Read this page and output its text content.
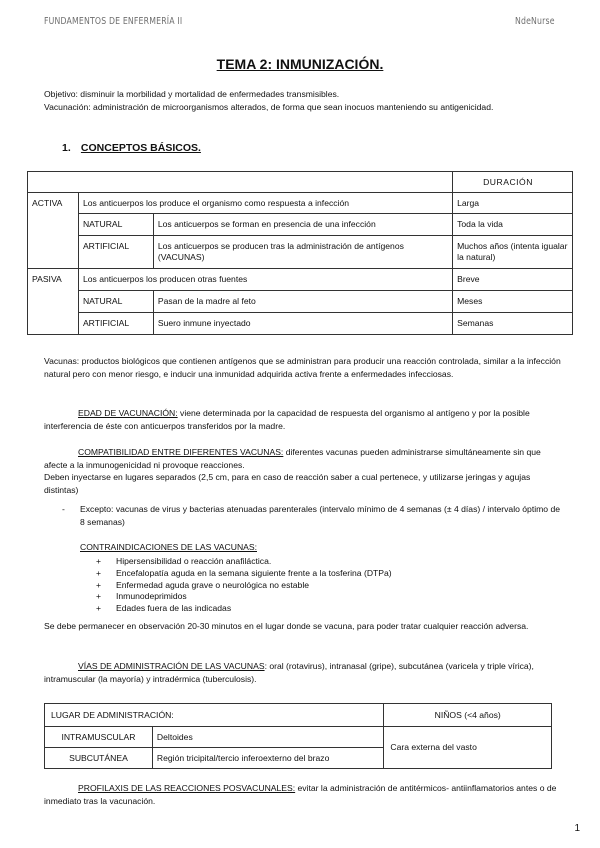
FUNDAMENTOS DE ENFERMERÍA II	NdeNurse
TEMA 2: INMUNIZACIÓN.
Objetivo: disminuir la morbilidad y mortalidad de enfermedades transmisibles.
Vacunación: administración de microorganismos alterados, de forma que sean inocuos manteniendo su antigenicidad.
1. CONCEPTOS BÁSICOS.
			DURACIÓN
ACTIVA	Los anticuerpos los produce el organismo como respuesta a infección		Larga
	NATURAL	Los anticuerpos se forman en presencia de una infección	Toda la vida
	ARTIFICIAL	Los anticuerpos se producen tras la administración de antígenos (VACUNAS)	Muchos años (intenta igualar la natural)
PASIVA	Los anticuerpos los producen otras fuentes		Breve
	NATURAL	Pasan de la madre al feto	Meses
	ARTIFICIAL	Suero inmune inyectado	Semanas
Vacunas: productos biológicos que contienen antígenos que se administran para producir una reacción controlada, similar a la infección natural pero con menor riesgo, e inducir una inmunidad adquirida activa frente a enfermedades infecciosas.
EDAD DE VACUNACIÓN: viene determinada por la capacidad de respuesta del organismo al antígeno y por la posible interferencia de éste con anticuerpos transferidos por la madre.
COMPATIBILIDAD ENTRE DIFERENTES VACUNAS: diferentes vacunas pueden administrarse simultáneamente sin que afecte a la inmunogenicidad ni provoque reacciones.
Deben inyectarse en lugares separados (2,5 cm, para en caso de reacción saber a cual pertenece, y utilizarse jeringas y agujas distintas)
- Excepto: vacunas de virus y bacterias atenuadas parenterales (intervalo mínimo de 4 semanas (± 4 días) / intervalo óptimo de 8 semanas)
CONTRAINDICACIONES DE LAS VACUNAS:
+ Hipersensibilidad o reacción anafiláctica.
+ Encefalopatía aguda en la semana siguiente frente a la tosferina (DTPa)
+ Enfermedad aguda grave o neurológica no estable
+ Inmunodeprimidos
+ Edades fuera de las indicadas
Se debe permanecer en observación 20-30 minutos en el lugar donde se vacuna, para poder tratar cualquier reacción adversa.
VÍAS DE ADMINISTRACIÓN DE LAS VACUNAS: oral (rotavirus), intranasal (gripe), subcutánea (varicela y triple vírica), intramuscular (la mayoría) y intradérmica (tuberculosis).
LUGAR DE ADMINISTRACIÓN:		NIÑOS (<4 años)
INTRAMUSCULAR	Deltoides	Cara externa del vasto
SUBCUTÁNEA	Región tricipital/tercio inferoexterno del brazo	
PROFILAXIS DE LAS REACCIONES POSVACUNALES: evitar la administración de antitérmicos- antiinflamatorios antes o de inmediato tras la vacunación.
1
